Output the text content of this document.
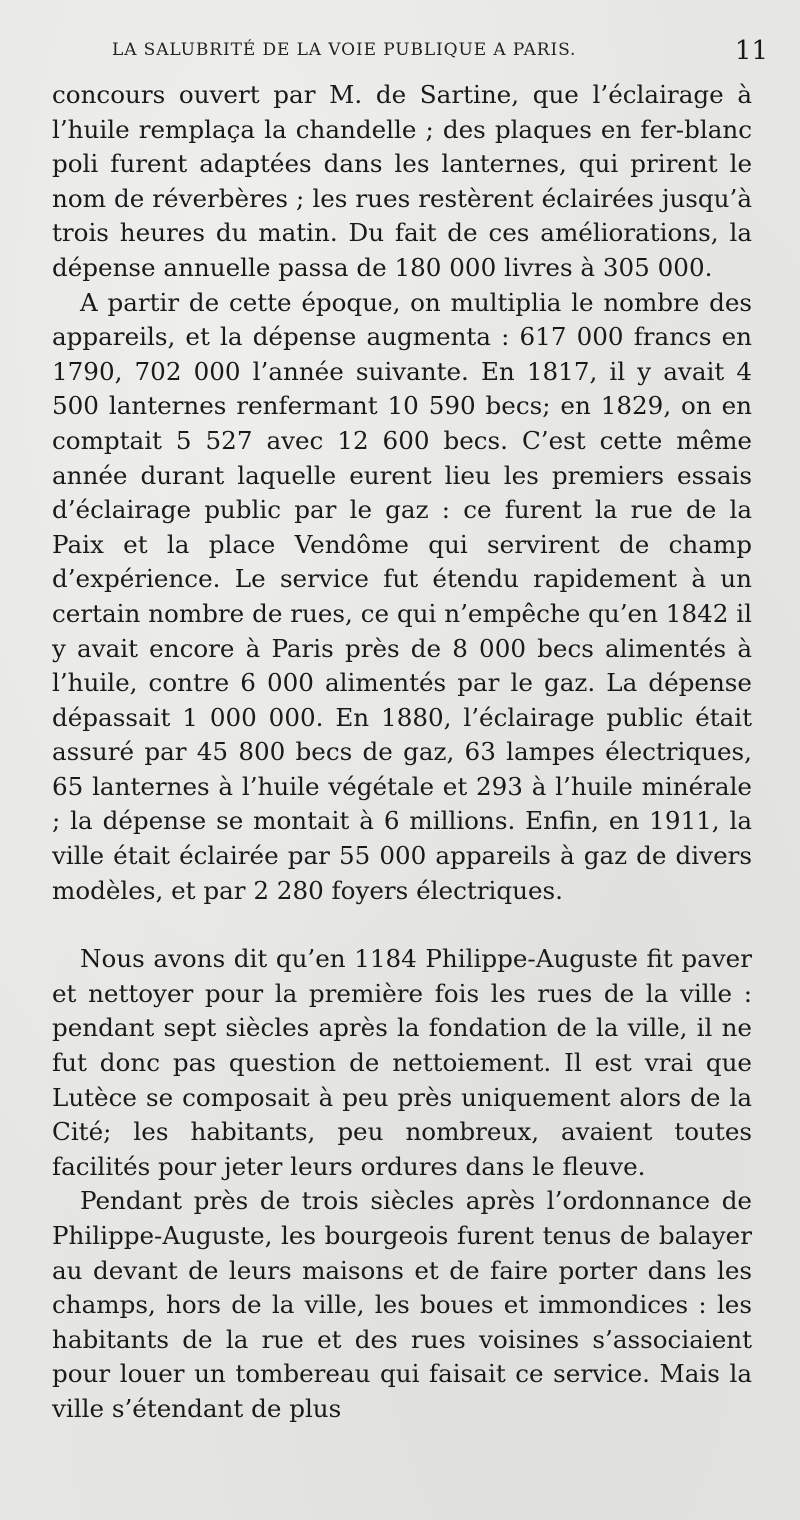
LA SALUBRITÉ DE LA VOIE PUBLIQUE A PARIS.	11

concours ouvert par M. de Sartine, que l’éclairage à l’huile remplaça la chandelle ; des plaques en fer-blanc poli furent adaptées dans les lanternes, qui prirent le nom de réverbères ; les rues restèrent éclairées jusqu’à trois heures du matin. Du fait de ces améliorations, la dépense annuelle passa de 180 000 livres à 305 000.

A partir de cette époque, on multiplia le nombre des appareils, et la dépense augmenta : 617 000 francs en 1790, 702 000 l’année suivante. En 1817, il y avait 4 500 lanternes renfermant 10 590 becs; en 1829, on en comptait 5 527 avec 12 600 becs. C’est cette même année durant laquelle eurent lieu les premiers essais d’éclairage public par le gaz : ce furent la rue de la Paix et la place Vendôme qui servirent de champ d’expérience. Le service fut étendu rapidement à un certain nombre de rues, ce qui n’empêche qu’en 1842 il y avait encore à Paris près de 8 000 becs alimentés à l’huile, contre 6 000 alimentés par le gaz. La dépense dépassait 1 000 000. En 1880, l’éclairage public était assuré par 45 800 becs de gaz, 63 lampes électriques, 65 lanternes à l’huile végétale et 293 à l’huile minérale ; la dépense se montait à 6 millions. Enfin, en 1911, la ville était éclairée par 55 000 appareils à gaz de divers modèles, et par 2 280 foyers électriques.

Nous avons dit qu’en 1184 Philippe-Auguste fit paver et nettoyer pour la première fois les rues de la ville : pendant sept siècles après la fondation de la ville, il ne fut donc pas question de nettoiement. Il est vrai que Lutèce se composait à peu près uniquement alors de la Cité; les habitants, peu nombreux, avaient toutes facilités pour jeter leurs ordures dans le fleuve.

Pendant près de trois siècles après l’ordonnance de Philippe-Auguste, les bourgeois furent tenus de balayer au devant de leurs maisons et de faire porter dans les champs, hors de la ville, les boues et immondices : les habitants de la rue et des rues voisines s’associaient pour louer un tombereau qui faisait ce service. Mais la ville s’étendant de plus
